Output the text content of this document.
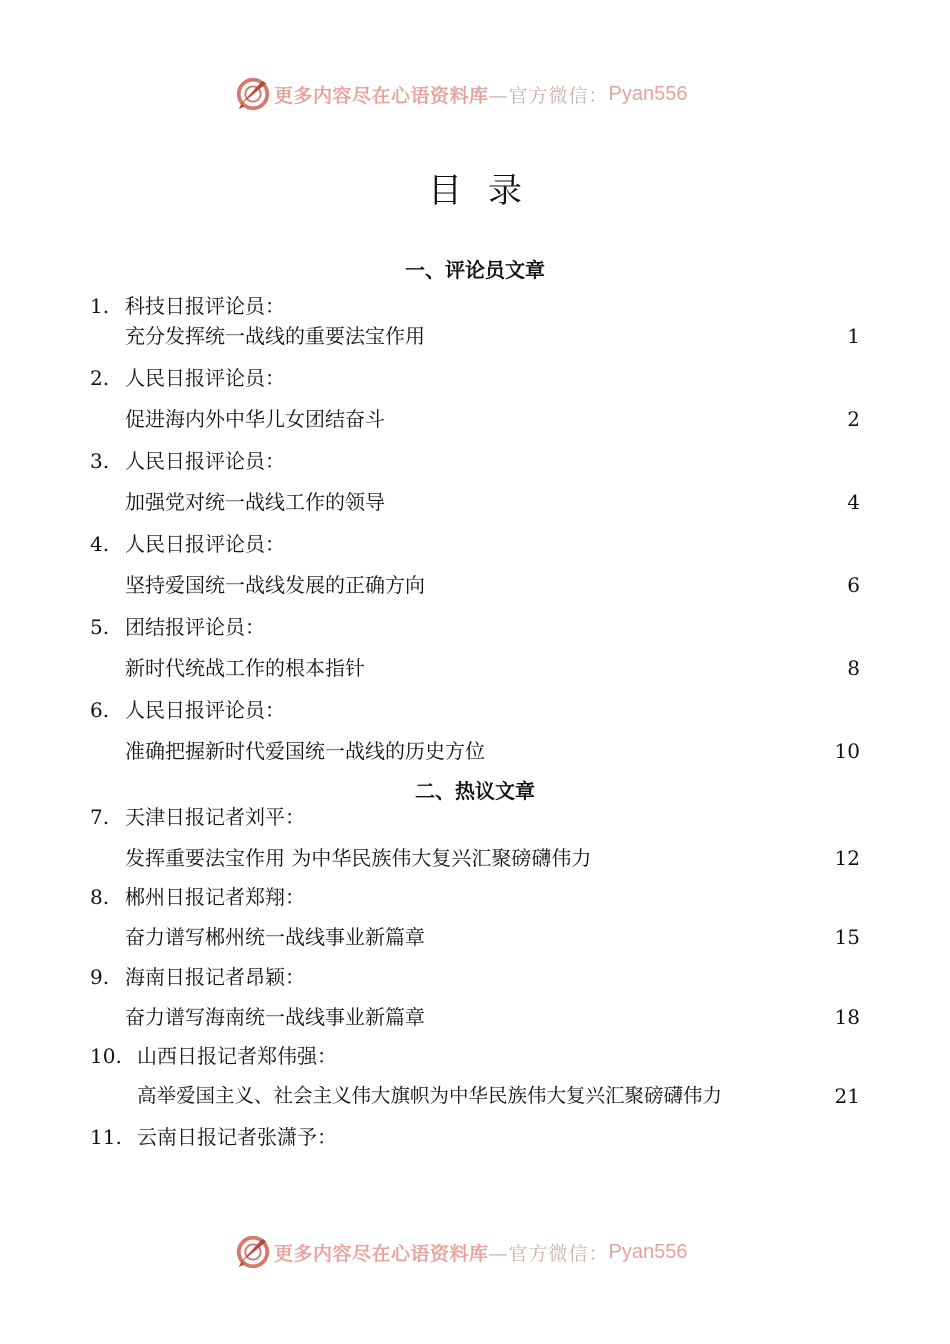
更多内容尽在心语资料库 —官方微信： Pyan556
目录
一、评论员文章
1. 科技日报评论员：
充分发挥统一战线的重要法宝作用	1
2. 人民日报评论员：
促进海内外中华儿女团结奋斗	2
3. 人民日报评论员：
加强党对统一战线工作的领导	4
4. 人民日报评论员：
坚持爱国统一战线发展的正确方向	6
5. 团结报评论员：
新时代统战工作的根本指针	8
6. 人民日报评论员：
准确把握新时代爱国统一战线的历史方位	10
二、热议文章
7. 天津日报记者刘平：
发挥重要法宝作用 为中华民族伟大复兴汇聚磅礴伟力	12
8. 郴州日报记者郑翔：
奋力谱写郴州统一战线事业新篇章	15
9. 海南日报记者昂颖：
奋力谱写海南统一战线事业新篇章	18
10. 山西日报记者郑伟强：
高举爱国主义、社会主义伟大旗帜为中华民族伟大复兴汇聚磅礴伟力	21
11. 云南日报记者张潇予：
更多内容尽在心语资料库 —官方微信： Pyan556
